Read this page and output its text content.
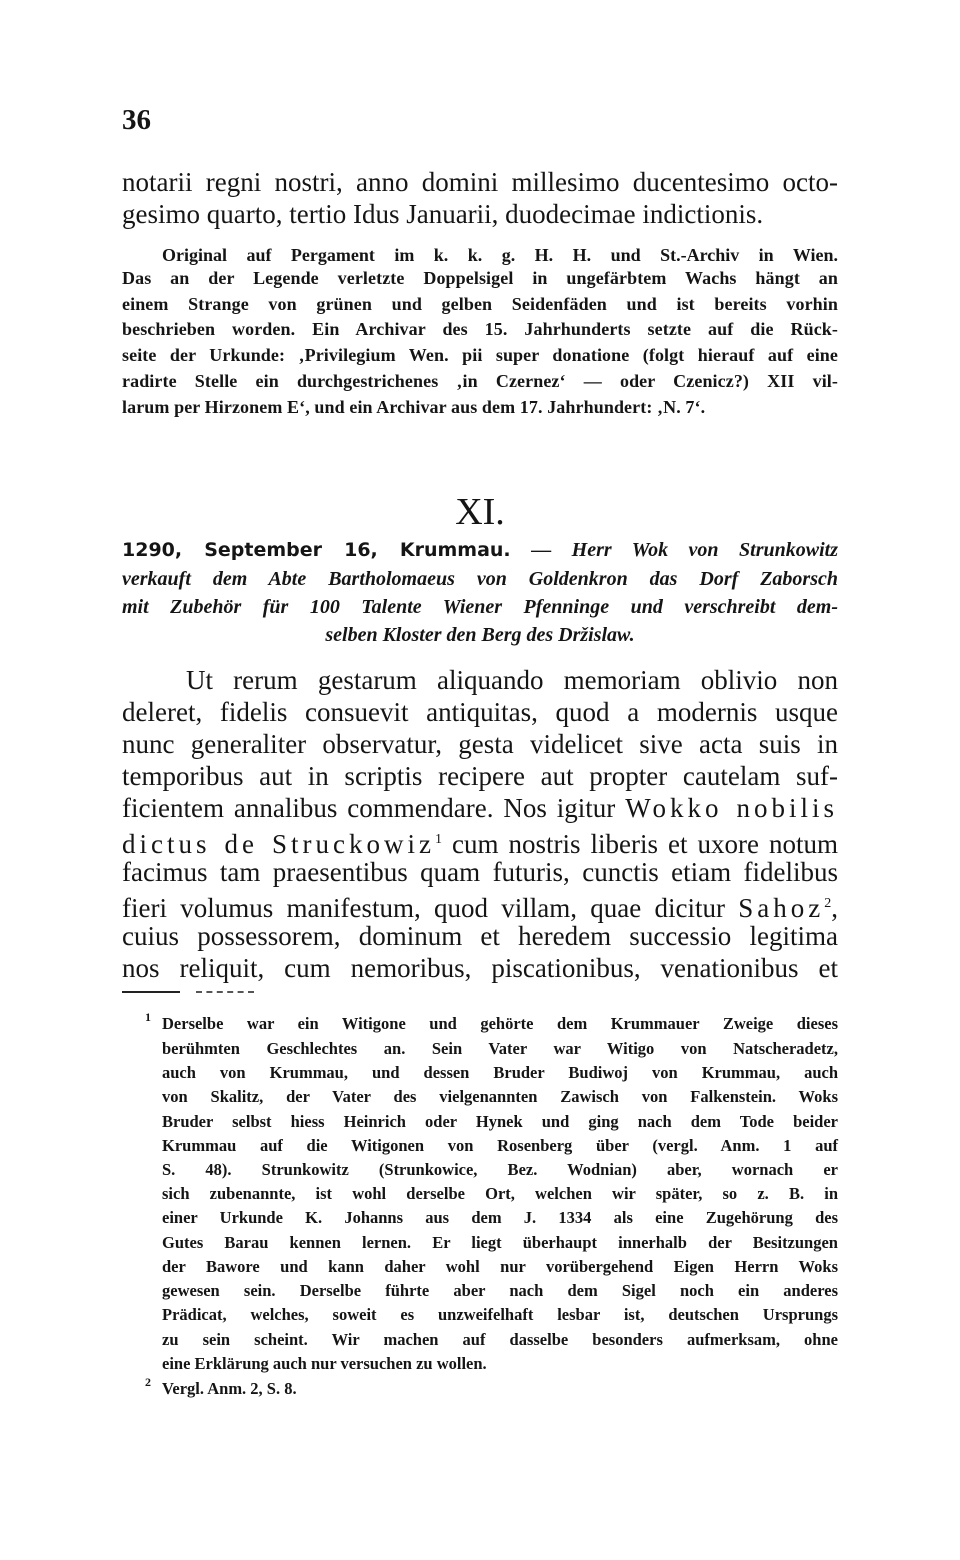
36
notarii regni nostri, anno domini millesimo ducentesimo octo-
gesimo quarto, tertio Idus Januarii, duodecimae indictionis.
Original auf Pergament im k. k. g. H. H. und St.-Archiv in Wien.
Das an der Legende verletzte Doppelsigel in ungefärbtem Wachs hängt an
einem Strange von grünen und gelben Seidenfäden und ist bereits vorhin
beschrieben worden. Ein Archivar des 15. Jahrhunderts setzte auf die Rück-
seite der Urkunde: ‚Privilegium Wen. pii super donatione (folgt hierauf auf eine
radirte Stelle ein durchgestrichenes ‚in Czernez‘ — oder Czenicz?) XII vil-
larum per Hirzonem E‘, und ein Archivar aus dem 17. Jahrhundert: ‚N. 7‘.
XI.
1290, September 16, Krummau. — Herr Wok von Strunkowitz
verkauft dem Abte Bartholomaeus von Goldenkron das Dorf Zaborsch
mit Zubehör für 100 Talente Wiener Pfenninge und verschreibt dem-
selben Kloster den Berg des Držislaw.
Ut rerum gestarum aliquando memoriam oblivio non
deleret, fidelis consuevit antiquitas, quod a modernis usque
nunc generaliter observatur, gesta videlicet sive acta suis in
temporibus aut in scriptis recipere aut propter cautelam suf-
ficientem annalibus commendare. Nos igitur Wokko nobilis
dictus de Struckowiz$^1$ cum nostris liberis et uxore notum
facimus tam praesentibus quam futuris, cunctis etiam fidelibus
fieri volumus manifestum, quod villam, quae dicitur Sahoz$^2$,
cuius possessorem, dominum et heredem successio legitima
nos reliquit, cum nemoribus, piscationibus, venationibus et
1 Derselbe war ein Witigone und gehörte dem Krummauer Zweige dieses
berühmten Geschlechtes an. Sein Vater war Witigo von Natscheradetz,
auch von Krummau, und dessen Bruder Budiwoj von Krummau, auch
von Skalitz, der Vater des vielgenannten Zawisch von Falkenstein. Woks
Bruder selbst hiess Heinrich oder Hynek und ging nach dem Tode beider
Krummau auf die Witigonen von Rosenberg über (vergl. Anm. 1 auf
S. 48). Strunkowitz (Strunkowice, Bez. Wodnian) aber, wornach er
sich zubenannte, ist wohl derselbe Ort, welchen wir später, so z. B. in
einer Urkunde K. Johanns aus dem J. 1334 als eine Zugehörung des
Gutes Barau kennen lernen. Er liegt überhaupt innerhalb der Besitzungen
der Bawore und kann daher wohl nur vorübergehend Eigen Herrn Woks
gewesen sein. Derselbe führte aber nach dem Sigel noch ein anderes
Prädicat, welches, soweit es unzweifelhaft lesbar ist, deutschen Ursprungs
zu sein scheint. Wir machen auf dasselbe besonders aufmerksam, ohne
eine Erklärung auch nur versuchen zu wollen.
2 Vergl. Anm. 2, S. 8.
